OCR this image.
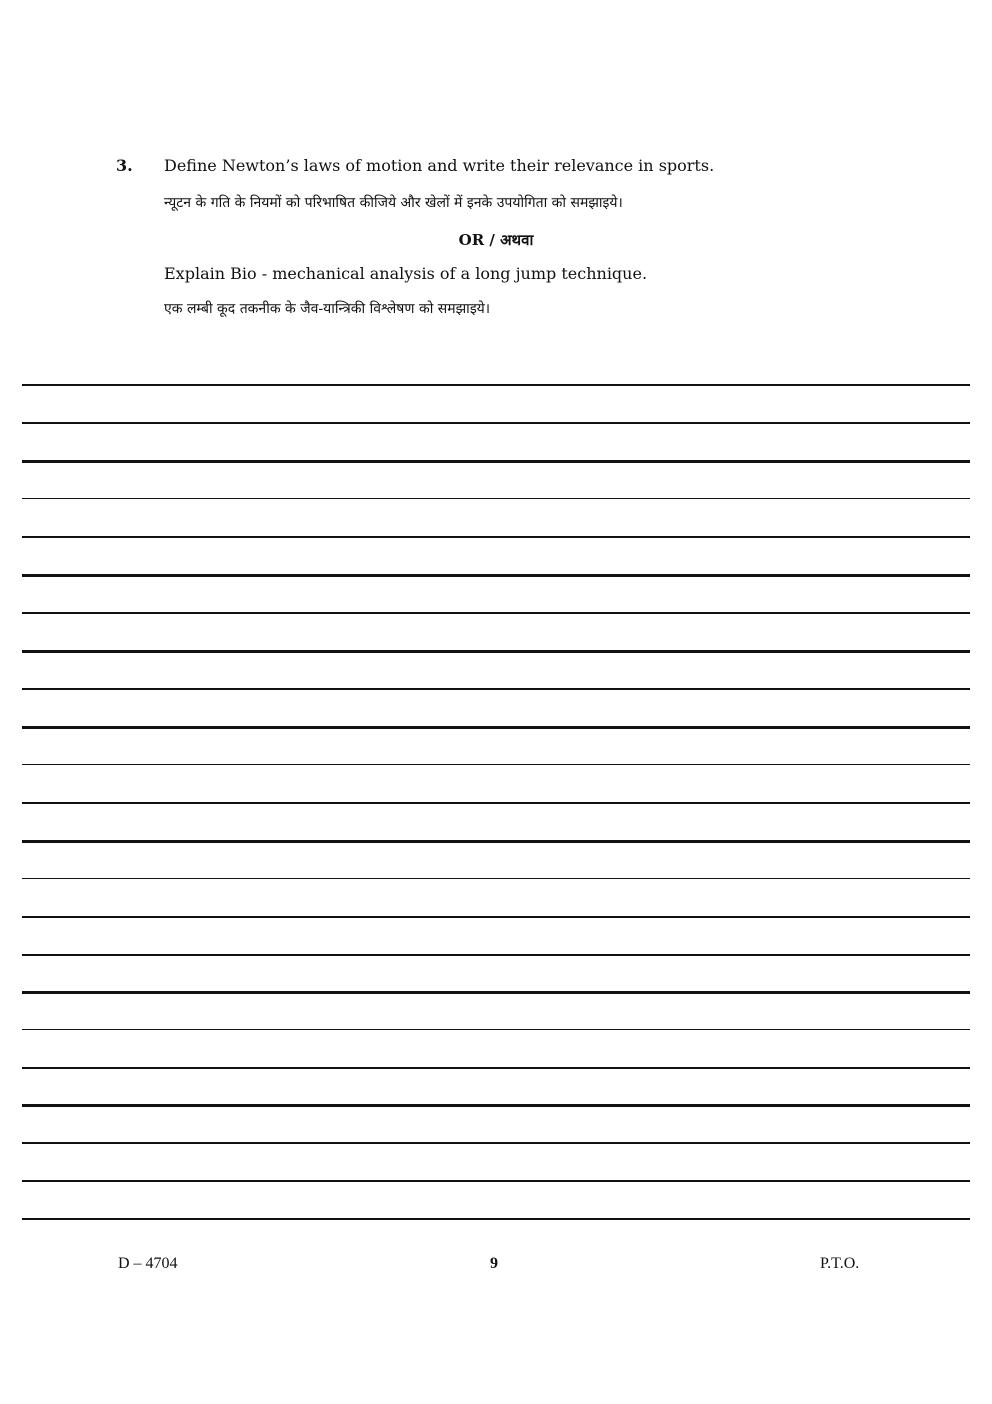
3. Define Newton’s laws of motion and write their relevance in sports.
न्यूटन के गति के नियमों को परिभाषित कीजिये और खेलों में इनके उपयोगिता को समझाइये।
OR / अथवा
Explain Bio - mechanical analysis of a long jump technique.
एक लम्बी कूद तकनीक के जैव-यान्त्रिकी विश्लेषण को समझाइये।
D – 4704	9	P.T.O.
